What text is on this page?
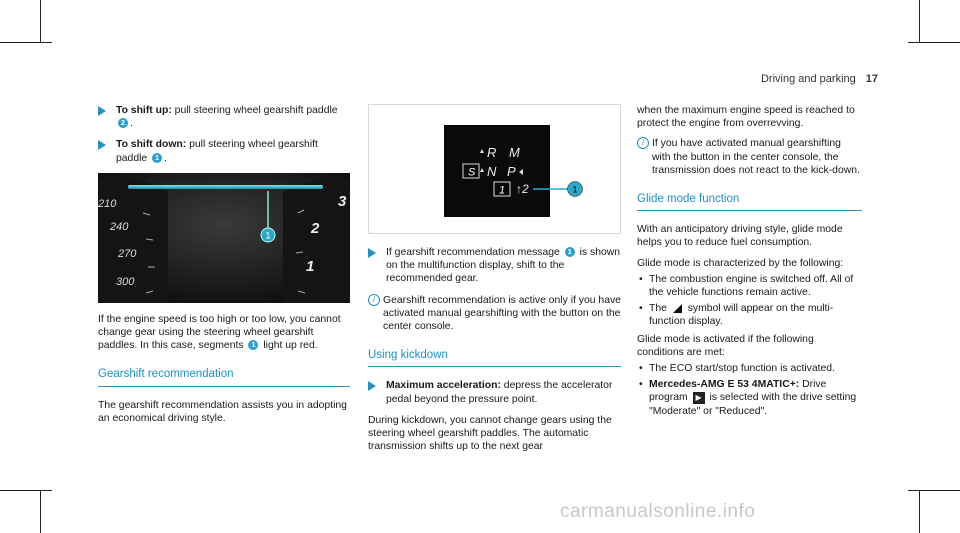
Driving and parking 17
To shift up: pull steering wheel gearshift paddle 2 .
To shift down: pull steering wheel gearshift paddle 1 .
1
210
240
270
300
3
2
1

If the engine speed is too high or too low, you cannot change gear using the steering wheel gearshift paddles. In this case, segments 1 light up red.

Gearshift recommendation

The gearshift recommendation assists you in adopting an economical driving style.

R M
N P
↑2
S
1	1
If gearshift recommendation message 1 is shown on the multifunction display, shift to the recommended gear.
i Gearshift recommendation is active only if you have activated manual gearshifting with the button on the center console.
Using kickdown
Maximum acceleration: depress the accelerator pedal beyond the pressure point.

During kickdown, you cannot change gears using the steering wheel gearshift paddles. The automatic transmission shifts up to the next gear

when the maximum engine speed is reached to protect the engine from overrevving.

i If you have activated manual gearshifting with the button in the center console, the transmission does not react to the kick-down.
Glide mode function

With an anticipatory driving style, glide mode helps you to reduce fuel consumption.

Glide mode is characterized by the following:

• The combustion engine is switched off. All of the vehicle functions remain active.
• The  symbol will appear on the multi-function display.

Glide mode is activated if the following conditions are met:

• The ECO start/stop function is activated.
• Mercedes-AMG E 53 4MATIC+: Drive program ▶ is selected with the drive setting "Moderate" or "Reduced".
carmanualsonline.info
